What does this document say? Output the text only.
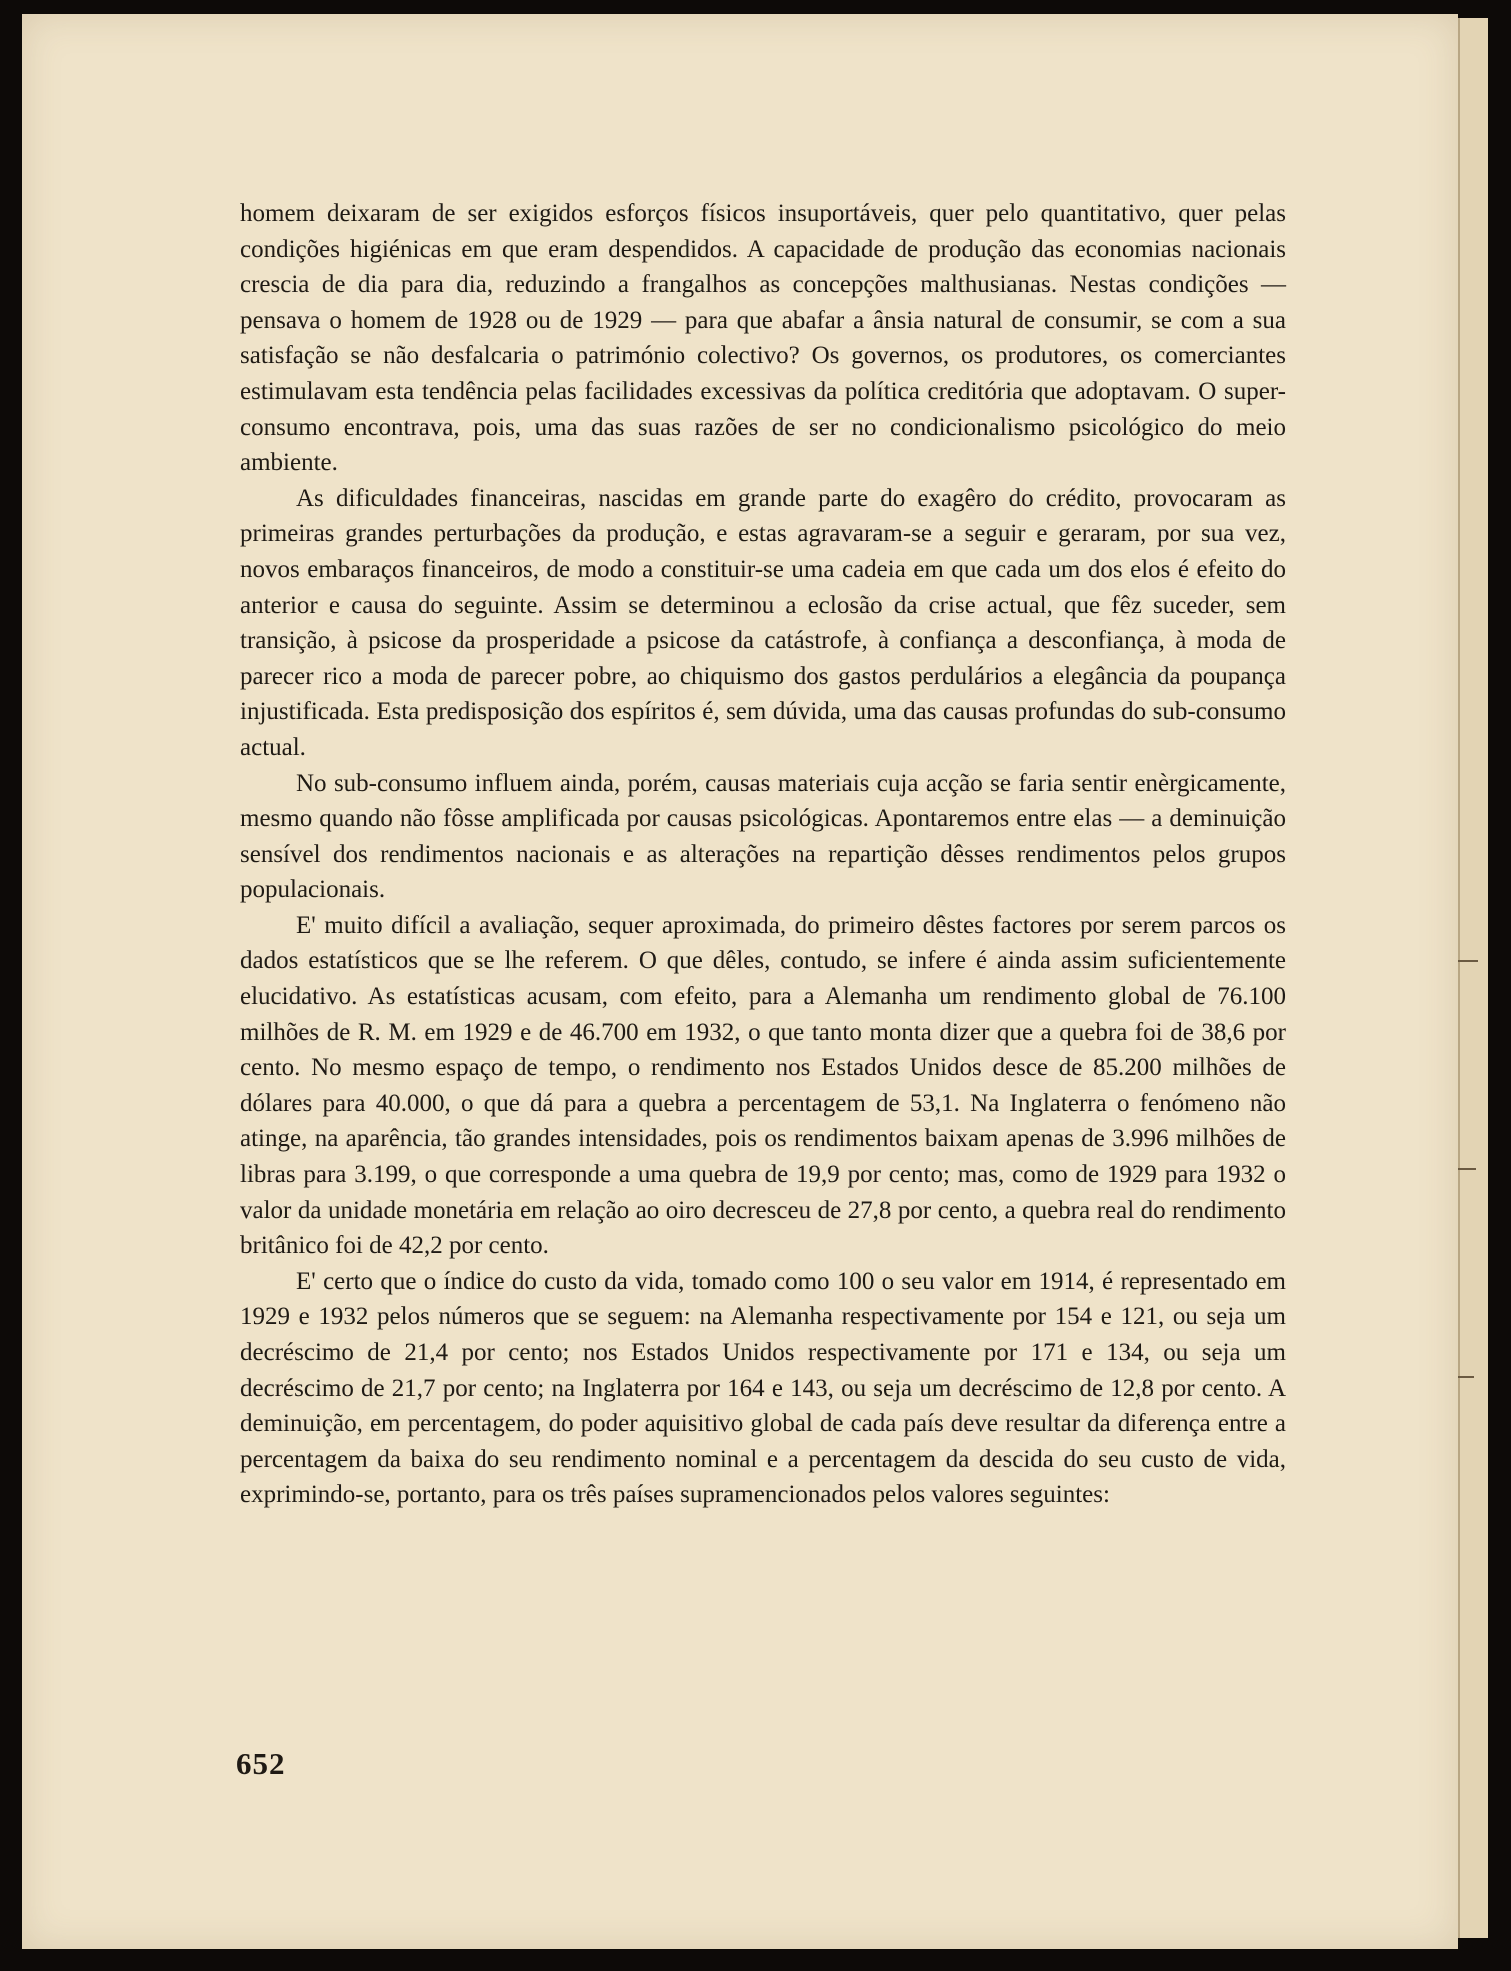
homem deixaram de ser exigidos esforços físicos insuportáveis, quer pelo quantitativo, quer pelas condições higiénicas em que eram despendidos. A capacidade de produção das economias nacionais crescia de dia para dia, reduzindo a frangalhos as concepções malthusianas. Nestas condições — pensava o homem de 1928 ou de 1929 — para que abafar a ânsia natural de consumir, se com a sua satisfação se não desfalcaria o património colectivo? Os governos, os produtores, os comerciantes estimulavam esta tendência pelas facilidades excessivas da política creditória que adoptavam. O super-consumo encontrava, pois, uma das suas razões de ser no condicionalismo psicológico do meio ambiente.

As dificuldades financeiras, nascidas em grande parte do exagêro do crédito, provocaram as primeiras grandes perturbações da produção, e estas agravaram-se a seguir e geraram, por sua vez, novos embaraços financeiros, de modo a constituir-se uma cadeia em que cada um dos elos é efeito do anterior e causa do seguinte. Assim se determinou a eclosão da crise actual, que fêz suceder, sem transição, à psicose da prosperidade a psicose da catástrofe, à confiança a desconfiança, à moda de parecer rico a moda de parecer pobre, ao chiquismo dos gastos perdulários a elegância da poupança injustificada. Esta predisposição dos espíritos é, sem dúvida, uma das causas profundas do sub-consumo actual.

No sub-consumo influem ainda, porém, causas materiais cuja acção se faria sentir enèrgicamente, mesmo quando não fôsse amplificada por causas psicológicas. Apontaremos entre elas — a deminuição sensível dos rendimentos nacionais e as alterações na repartição dêsses rendimentos pelos grupos populacionais.

E' muito difícil a avaliação, sequer aproximada, do primeiro dêstes factores por serem parcos os dados estatísticos que se lhe referem. O que dêles, contudo, se infere é ainda assim suficientemente elucidativo. As estatísticas acusam, com efeito, para a Alemanha um rendimento global de 76.100 milhões de R. M. em 1929 e de 46.700 em 1932, o que tanto monta dizer que a quebra foi de 38,6 por cento. No mesmo espaço de tempo, o rendimento nos Estados Unidos desce de 85.200 milhões de dólares para 40.000, o que dá para a quebra a percentagem de 53,1. Na Inglaterra o fenómeno não atinge, na aparência, tão grandes intensidades, pois os rendimentos baixam apenas de 3.996 milhões de libras para 3.199, o que corresponde a uma quebra de 19,9 por cento; mas, como de 1929 para 1932 o valor da unidade monetária em relação ao oiro decresceu de 27,8 por cento, a quebra real do rendimento britânico foi de 42,2 por cento.

E' certo que o índice do custo da vida, tomado como 100 o seu valor em 1914, é representado em 1929 e 1932 pelos números que se seguem: na Alemanha respectivamente por 154 e 121, ou seja um decréscimo de 21,4 por cento; nos Estados Unidos respectivamente por 171 e 134, ou seja um decréscimo de 21,7 por cento; na Inglaterra por 164 e 143, ou seja um decréscimo de 12,8 por cento. A deminuição, em percentagem, do poder aquisitivo global de cada país deve resultar da diferença entre a percentagem da baixa do seu rendimento nominal e a percentagem da descida do seu custo de vida, exprimindo-se, portanto, para os três países supramencionados pelos valores seguintes:

652
